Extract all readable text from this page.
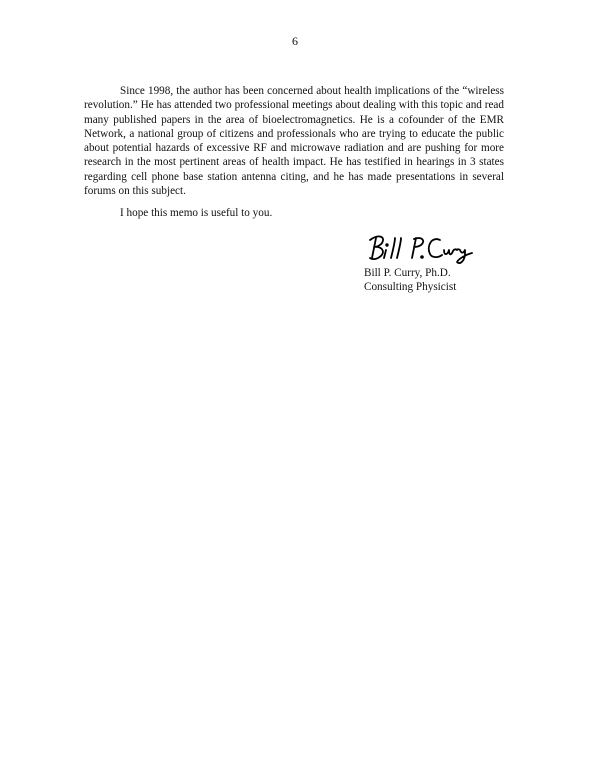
6

Since 1998, the author has been concerned about health implications of the “wireless revolution.” He has attended two professional meetings about dealing with this topic and read many published papers in the area of bioelectromagnetics. He is a cofounder of the EMR Network, a national group of citizens and professionals who are trying to educate the public about potential hazards of excessive RF and microwave radiation and are pushing for more research in the most pertinent areas of health impact. He has testified in hearings in 3 states regarding cell phone base station antenna citing, and he has made presentations in several forums on this subject.

I hope this memo is useful to you.

Bill P. Curry, Ph.D.
Consulting Physicist
